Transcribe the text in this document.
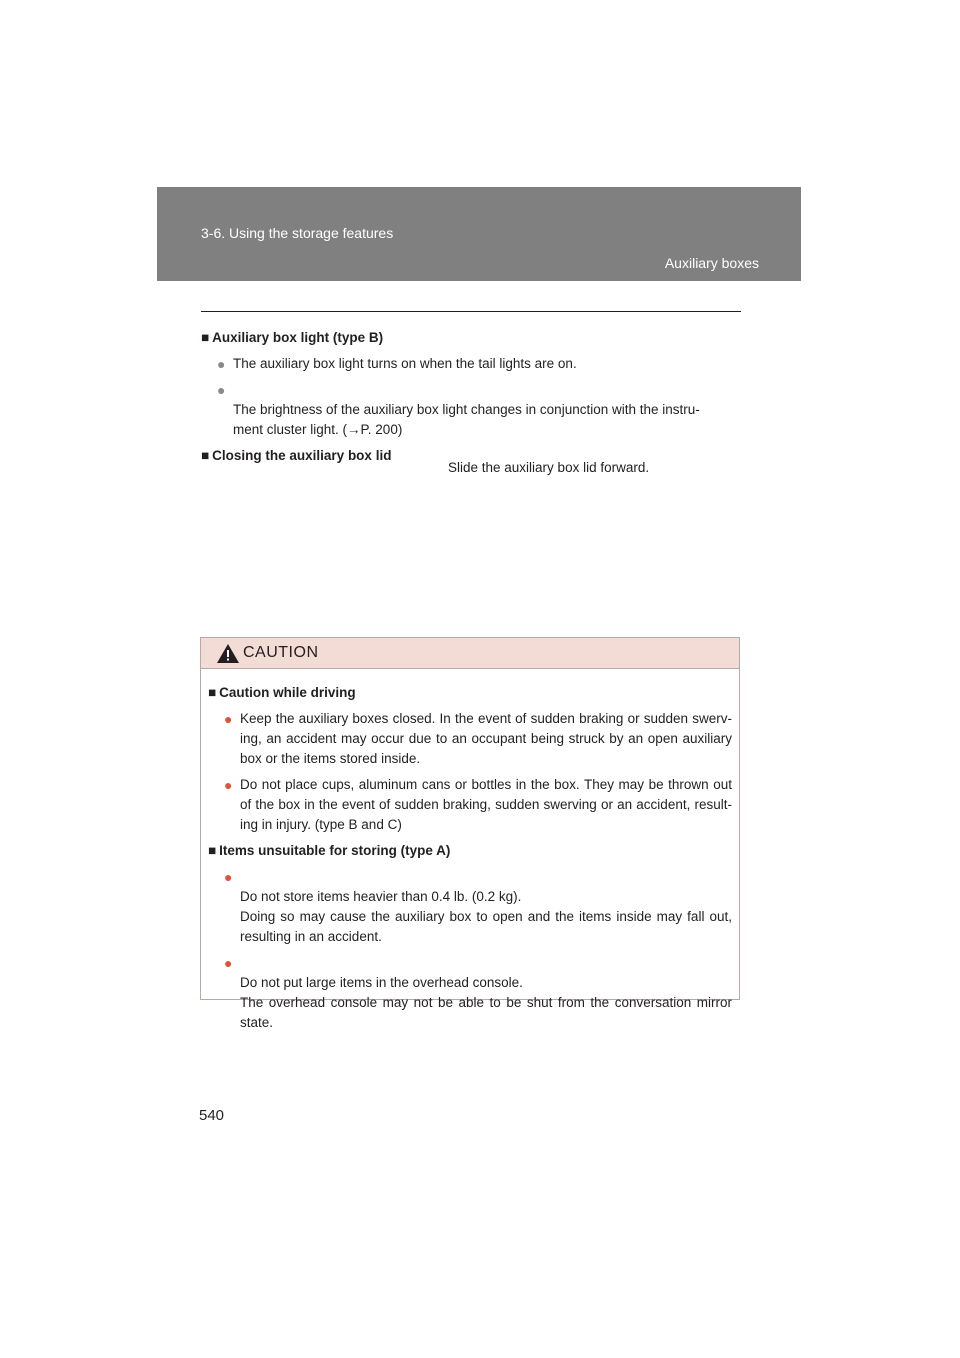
3-6. Using the storage features
Auxiliary boxes

■ Auxiliary box light (type B)

● The auxiliary box light turns on when the tail lights are on.

●
The brightness of the auxiliary box light changes in conjunction with the instru-
ment cluster light. (→P. 200)

■ Closing the auxiliary box lid

Slide the auxiliary box lid forward.
CAUTION

■ Caution while driving

● Keep the auxiliary boxes closed. In the event of sudden braking or sudden swerv-ing, an accident may occur due to an occupant being struck by an open auxiliary box or the items stored inside.

● Do not place cups, aluminum cans or bottles in the box. They may be thrown out of the box in the event of sudden braking, sudden swerving or an accident, result-ing in injury. (type B and C)

■ Items unsuitable for storing (type A)

●
Do not store items heavier than 0.4 lb. (0.2 kg).
Doing so may cause the auxiliary box to open and the items inside may fall out, resulting in an accident.

●
Do not put large items in the overhead console.
The overhead console may not be able to be shut from the conversation mirror state.

540
